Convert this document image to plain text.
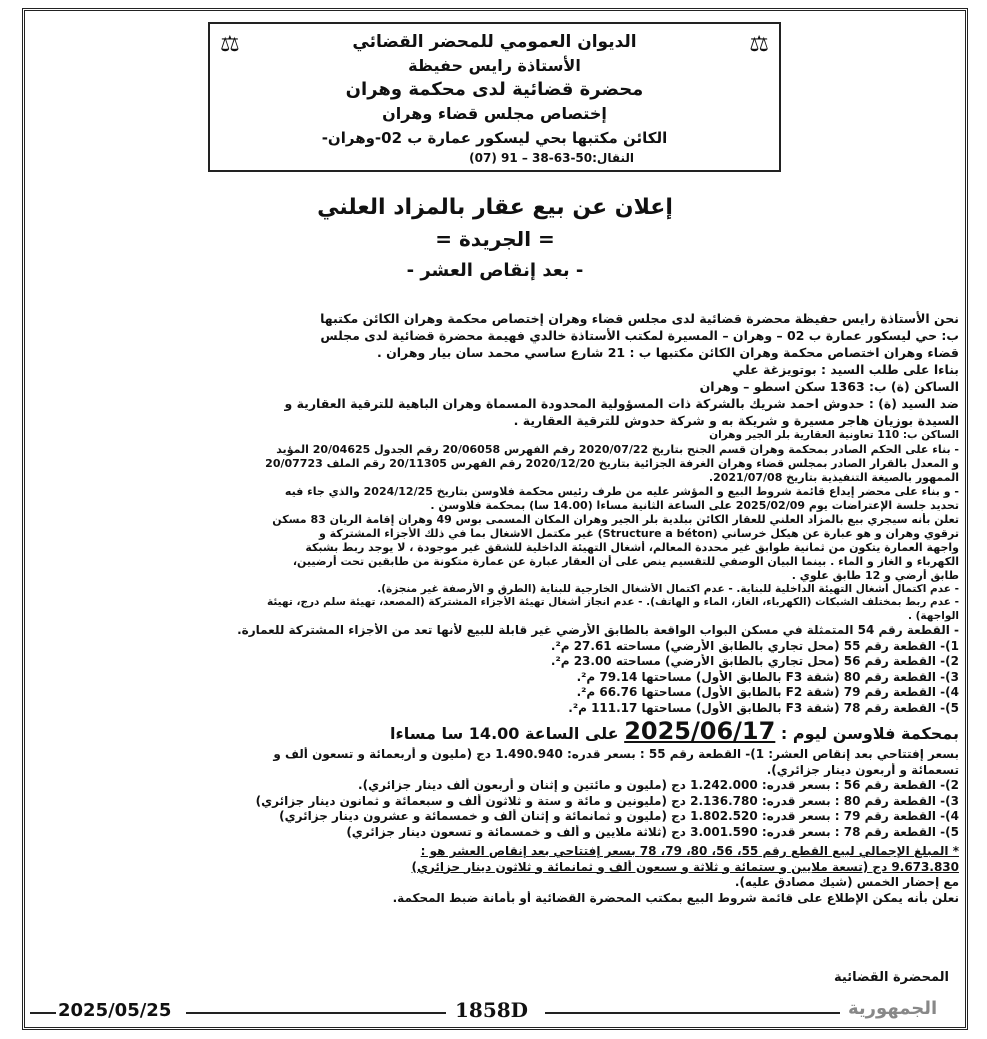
⚖
⚖	الديوان العمومي للمحضر القضائي
الأستاذة رايس حفيظة
محضرة قضائية لدى محكمة وهران
إختصاص مجلس قضاء وهران
الكائن مكتبها بحي ليسكور عمارة ب 02-وهران-
النقال:50-63-38 – 91 (07)
إعلان عن بيع عقار بالمزاد العلني
= الجريدة =
- بعد إنقاص العشر -

نحن الأستاذة رايس حفيظة محضرة قضائية لدى مجلس قضاء وهران إختصاص محكمة وهران الكائن مكتبها

ب: حي ليسكور عمارة ب 02 – وهران – المسيرة لمكتب الأستاذة خالدي فهيمة محضرة قضائية لدى مجلس

قضاء وهران اختصاص محكمة وهران الكائن مكتبها ب : 21 شارع ساسي محمد سان بيار وهران .

بناءا على طلب السيد : بوتويزغة علي

الساكن (ة) ب: 1363 سكن اسطو – وهران

ضد السيد (ة) : حدوش احمد شريك بالشركة ذات المسؤولية المحدودة المسماة وهران الباهية للترقية العقارية و

السيدة بوزيان هاجر مسيرة و شريكة به و شركة حدوش للترقية العقارية .

الساكن ب: 110 تعاونية العقارية بلر الجير وهران

- بناء على الحكم الصادر بمحكمة وهران قسم الجنح بتاريخ 2020/07/22 رقم الفهرس 20/06058 رقم الجدول 20/04625 المؤيد

و المعدل بالقرار الصادر بمجلس قضاء وهران الغرفة الجزائية بتاريخ 2020/12/20 رقم الفهرس 20/11305 رقم الملف 20/07723

الممهور بالصيغة التنفيذية بتاريخ 2021/07/08.

- و بناء على محضر إيداع قائمة شروط البيع و المؤشر عليه من طرف رئيس محكمة فلاوسن بتاريخ 2024/12/25 والذي جاء فيه

تحديد جلسة الإعتراضات يوم 2025/02/09 على الساعة الثانية مساءا (14.00 سا) بمحكمة فلاوسن .

تعلن بأنه سيجري بيع بالمزاد العلني للعقار الكائن ببلدية بلر الجير وهران المكان المسمى بوس 49 وهران إقامة الريان 83 مسكن

ترقوي وهران و هو عبارة عن هيكل خرساني (Structure a béton) غير مكتمل الاشغال بما في ذلك الأجزاء المشتركة و

واجهة العمارة يتكون من ثمانية طوابق غير محددة المعالم، أشغال التهيئة الداخلية للشقق غير موجودة ، لا يوجد ربط بشبكة

الكهرباء و الغاز و الماء . بينما البيان الوصفي للتقسيم ينص على أن العقار عبارة عن عمارة متكونة من طابقين تحت أرضيين،

طابق أرضي و 12 طابق علوي .

- عدم اكتمال أشغال التهيئة الداخلية للبناية. - عدم اكتمال الأشغال الخارجية للبناية (الطرق و الأرصفة غير منجزة).

- عدم ربط بمختلف الشبكات (الكهرباء، الغاز، الماء و الهاتف). - عدم انجاز أشغال تهيئة الأجزاء المشتركة (المصعد، تهيئة سلم درج، تهيئة

الواجهة) .

- القطعة رقم 54 المتمثلة في مسكن البواب الواقعة بالطابق الأرضي غير قابلة للبيع لأنها تعد من الأجزاء المشتركة للعمارة.

1)- القطعة رقم 55 (محل تجاري بالطابق الأرضي) مساحته 27.61 م².

2)- القطعة رقم 56 (محل تجاري بالطابق الأرضي) مساحته 23.00 م².

3)- القطعة رقم 80 (شقة F3 بالطابق الأول) مساحتها 79.14 م².

4)- القطعة رقم 79 (شقة F2 بالطابق الأول) مساحتها 66.76 م².

5)- القطعة رقم 78 (شقة F3 بالطابق الأول) مساحتها 111.17 م².

بمحكمة فلاوسن ليوم : 2025/06/17 على الساعة 14.00 سا مساءا

بسعر إفتتاحي بعد إنقاص العشر: 1)- القطعة رقم 55 : بسعر قدره: 1.490.940 دج (مليون و أربعمائة و تسعون ألف و

تسعمائة و أربعون دينار جزائري).

2)- القطعة رقم 56 : بسعر قدره: 1.242.000 دج (مليون و مائتين و إثنان و أربعون ألف دينار جزائري).

3)- القطعة رقم 80 : بسعر قدره: 2.136.780 دج (مليونين و مائة و ستة و ثلاثون ألف و سبعمائة و ثمانون دينار جزائري)

4)- القطعة رقم 79 : بسعر قدره: 1.802.520 دج (مليون و ثمانمائة و إثنان ألف و خمسمائة و عشرون دينار جزائري)

5)- القطعة رقم 78 : بسعر قدره: 3.001.590 دج (ثلاثة ملايين و ألف و خمسمائة و تسعون دينار جزائري)

* المبلغ الإجمالي لبيع القطع رقم 55، 56، 80، 79، 78 بسعر إفتتاحي بعد إنقاص العشر هو :

9.673.830 دج (تسعة ملايين و ستمائة و ثلاثة و سبعون ألف و ثمانمائة و ثلاثون دينار جزائري)

مع إحضار الخمس (شيك مصادق عليه).

نعلن بأنه يمكن الإطلاع على قائمة شروط البيع بمكتب المحضرة القضائية أو بأمانة ضبط المحكمة.

المحضرة القضائية
2025/05/25	1858D	الجمهورية
